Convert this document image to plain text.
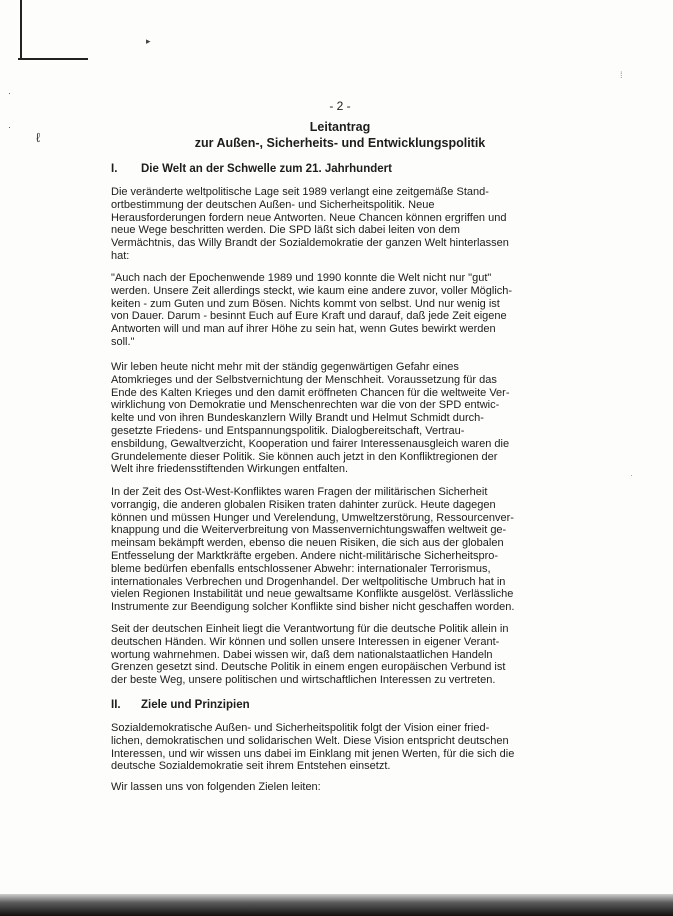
▸
ℓ
·
·
⁞
·
- 2 -
Leitantrag
zur Außen-, Sicherheits- und Entwicklungspolitik
I. Die Welt an der Schwelle zum 21. Jahrhundert
Die veränderte weltpolitische Lage seit 1989 verlangt eine zeitgemäße Stand-
ortbestimmung der deutschen Außen- und Sicherheitspolitik. Neue
Herausforderungen fordern neue Antworten. Neue Chancen können ergriffen und
neue Wege beschritten werden. Die SPD läßt sich dabei leiten von dem
Vermächtnis, das Willy Brandt der Sozialdemokratie der ganzen Welt hinterlassen
hat:
"Auch nach der Epochenwende 1989 und 1990 konnte die Welt nicht nur "gut"
werden. Unsere Zeit allerdings steckt, wie kaum eine andere zuvor, voller Möglich-
keiten - zum Guten und zum Bösen. Nichts kommt von selbst. Und nur wenig ist
von Dauer. Darum - besinnt Euch auf Eure Kraft und darauf, daß jede Zeit eigene
Antworten will und man auf ihrer Höhe zu sein hat, wenn Gutes bewirkt werden
soll."
Wir leben heute nicht mehr mit der ständig gegenwärtigen Gefahr eines
Atomkrieges und der Selbstvernichtung der Menschheit. Voraussetzung für das
Ende des Kalten Krieges und den damit eröffneten Chancen für die weltweite Ver-
wirklichung von Demokratie und Menschenrechten war die von der SPD entwic-
kelte und von ihren Bundeskanzlern Willy Brandt und Helmut Schmidt durch-
gesetzte Friedens- und Entspannungspolitik. Dialogbereitschaft, Vertrau-
ensbildung, Gewaltverzicht, Kooperation und fairer Interessenausgleich waren die
Grundelemente dieser Politik. Sie können auch jetzt in den Konfliktregionen der
Welt ihre friedensstiftenden Wirkungen entfalten.
In der Zeit des Ost-West-Konfliktes waren Fragen der militärischen Sicherheit
vorrangig, die anderen globalen Risiken traten dahinter zurück. Heute dagegen
können und müssen Hunger und Verelendung, Umweltzerstörung, Ressourcenver-
knappung und die Weiterverbreitung von Massenvernichtungswaffen weltweit ge-
meinsam bekämpft werden, ebenso die neuen Risiken, die sich aus der globalen
Entfesselung der Marktkräfte ergeben. Andere nicht-militärische Sicherheitspro-
bleme bedürfen ebenfalls entschlossener Abwehr: internationaler Terrorismus,
internationales Verbrechen und Drogenhandel. Der weltpolitische Umbruch hat in
vielen Regionen Instabilität und neue gewaltsame Konflikte ausgelöst. Verlässliche
Instrumente zur Beendigung solcher Konflikte sind bisher nicht geschaffen worden.
Seit der deutschen Einheit liegt die Verantwortung für die deutsche Politik allein in
deutschen Händen. Wir können und sollen unsere Interessen in eigener Verant-
wortung wahrnehmen. Dabei wissen wir, daß dem nationalstaatlichen Handeln
Grenzen gesetzt sind. Deutsche Politik in einem engen europäischen Verbund ist
der beste Weg, unsere politischen und wirtschaftlichen Interessen zu vertreten.
II. Ziele und Prinzipien
Sozialdemokratische Außen- und Sicherheitspolitik folgt der Vision einer fried-
lichen, demokratischen und solidarischen Welt. Diese Vision entspricht deutschen
Interessen, und wir wissen uns dabei im Einklang mit jenen Werten, für die sich die
deutsche Sozialdemokratie seit ihrem Entstehen einsetzt.
Wir lassen uns von folgenden Zielen leiten:
